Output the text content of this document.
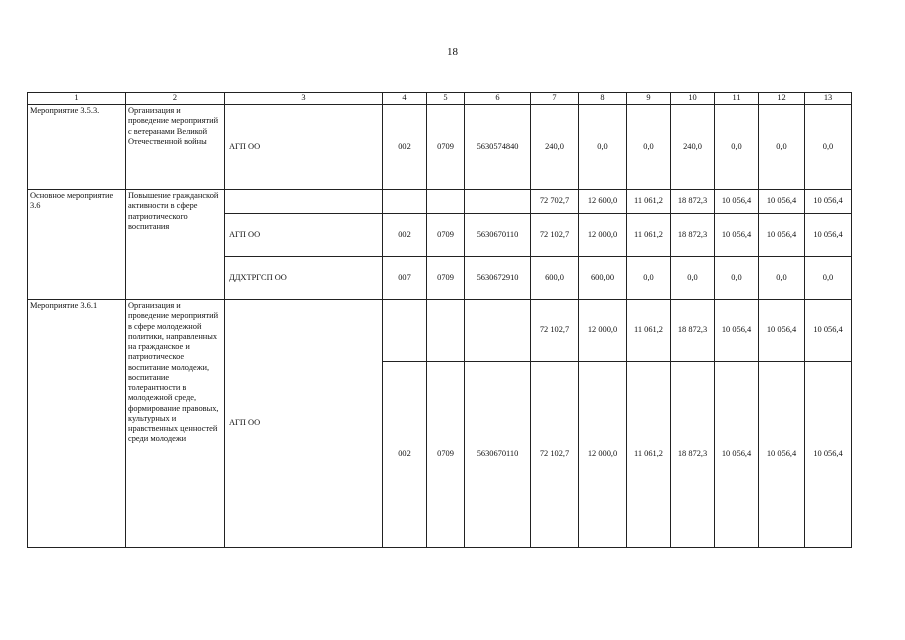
18
1	2	3	4	5	6	7	8	9	10	11	12	13
Мероприятие 3.5.3.	Организация и проведение мероприятий с ветеранами Великой Отечественной войны	АГП ОО	002	0709	5630574840	240,0	0,0	0,0	240,0	0,0	0,0	0,0
Основное мероприятие 3.6	Повышение гражданской активности в сфере патриотического воспитания					72 702,7	12 600,0	11 061,2	18 872,3	10 056,4	10 056,4	10 056,4
		АГП ОО	002	0709	5630670110	72 102,7	12 000,0	11 061,2	18 872,3	10 056,4	10 056,4	10 056,4
		ДДХТРГСП ОО	007	0709	5630672910	600,0	600,00	0,0	0,0	0,0	0,0	0,0
Мероприятие 3.6.1	Организация и проведение мероприятий в сфере молодежной политики, направленных на гражданское и патриотическое воспитание молодежи, воспитание толерантности в молодежной среде, формирование правовых, культурных и нравственных ценностей среди молодежи	АГП ОО				72 102,7	12 000,0	11 061,2	18 872,3	10 056,4	10 056,4	10 056,4
			002	0709	5630670110	72 102,7	12 000,0	11 061,2	18 872,3	10 056,4	10 056,4	10 056,4
